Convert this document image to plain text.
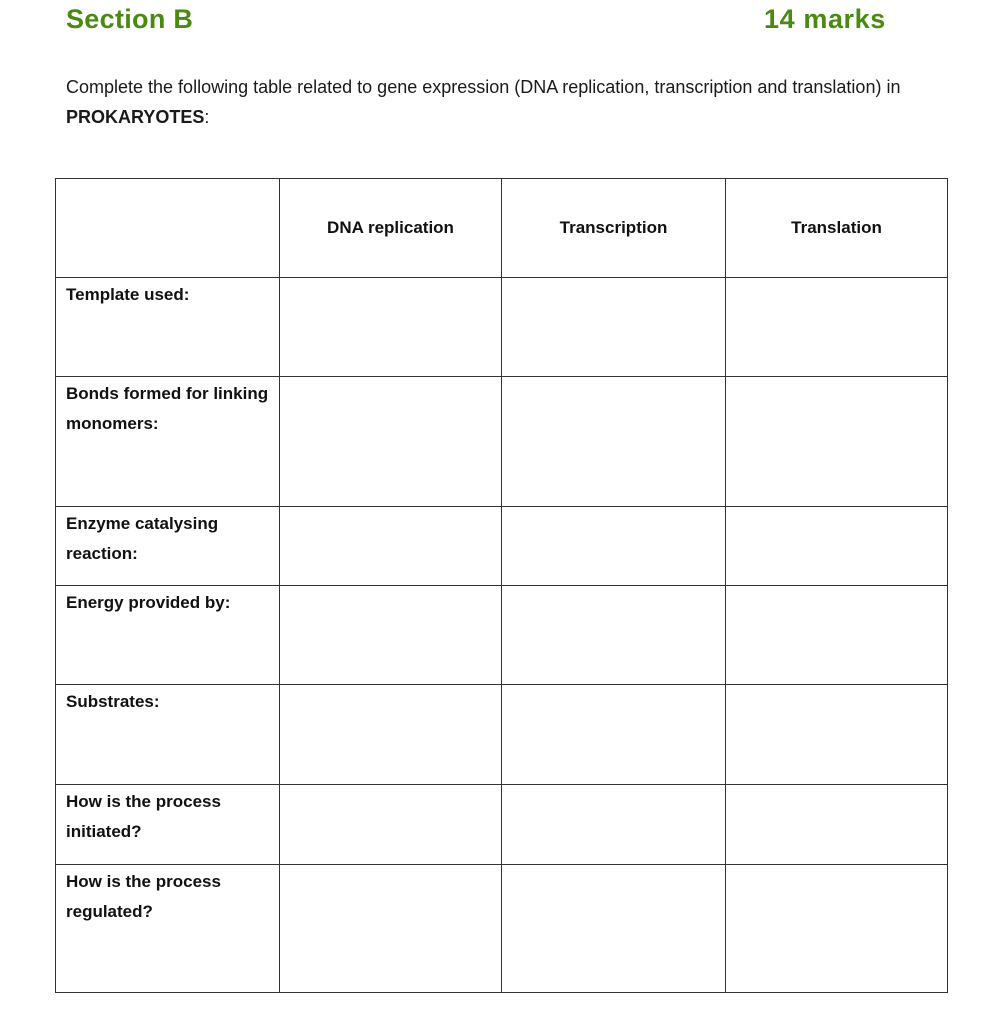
Section B	14 marks
Complete the following table related to gene expression (DNA replication, transcription and translation) in PROKARYOTES:
	DNA replication	Transcription	Translation
Template used:			
Bonds formed for linking monomers:			
Enzyme catalysing reaction:			
Energy provided by:			
Substrates:			
How is the process initiated?			
How is the process regulated?			
